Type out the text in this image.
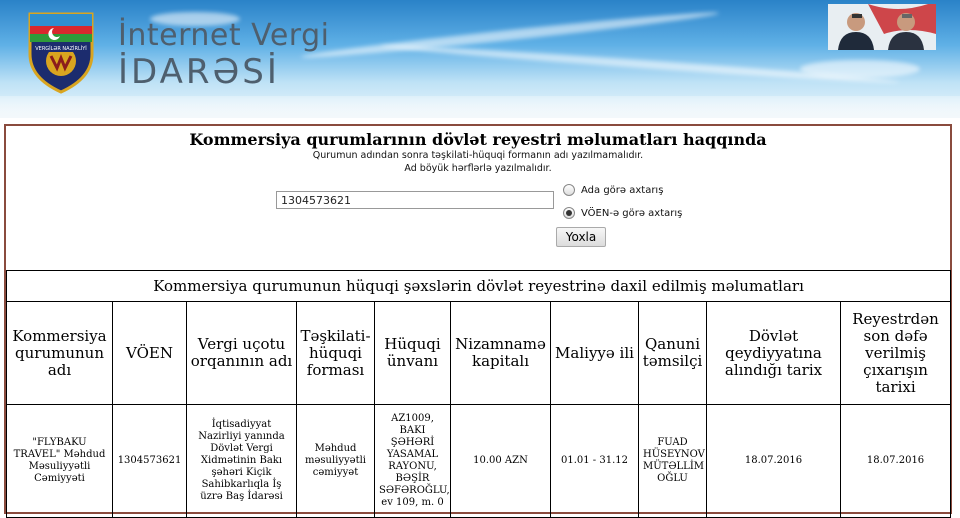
VERGİLƏR NAZİRLİYİ İnternet Vergi
İDARƏSİ
Kommersiya qurumlarının dövlət reyestri məlumatları haqqında
Qurumun adından sonra təşkilati-hüquqi formanın adı yazılmamalıdır.
Ad böyük hərflərlə yazılmalıdır.
1304573621
Ada görə axtarış
VÖEN-ə görə axtarış
Yoxla
Kommersiya qurumunun hüquqi şəxslərin dövlət reyestrinə daxil edilmiş məlumatları									
Kommersiya qurumunun adı	VÖEN	Vergi uçotu orqanının adı	Təşkilati-hüquqi forması	Hüquqi ünvanı	Nizamnamə kapitalı	Maliyyə ili	Qanuni təmsilçi	Dövlət qeydiyyatına alındığı tarix	Reyestrdən son dəfə verilmiş çıxarışın tarixi
"FLYBAKU TRAVEL" Məhdud Məsuliyyətli Cəmiyyəti	1304573621	İqtisadiyyat Nazirliyi yanında Dövlət Vergi Xidmətinin Bakı şəhəri Kiçik Sahibkarlıqla İş üzrə Baş İdarəsi	Məhdud məsuliyyətli cəmiyyət	AZ1009, BAKI ŞƏHƏRİ YASAMAL RAYONU, BƏŞİR SƏFƏROĞLU, ev 109, m. 0	10.00 AZN	01.01 - 31.12	FUAD HÜSEYNOV MÜTƏLLİM OĞLU	18.07.2016	18.07.2016
